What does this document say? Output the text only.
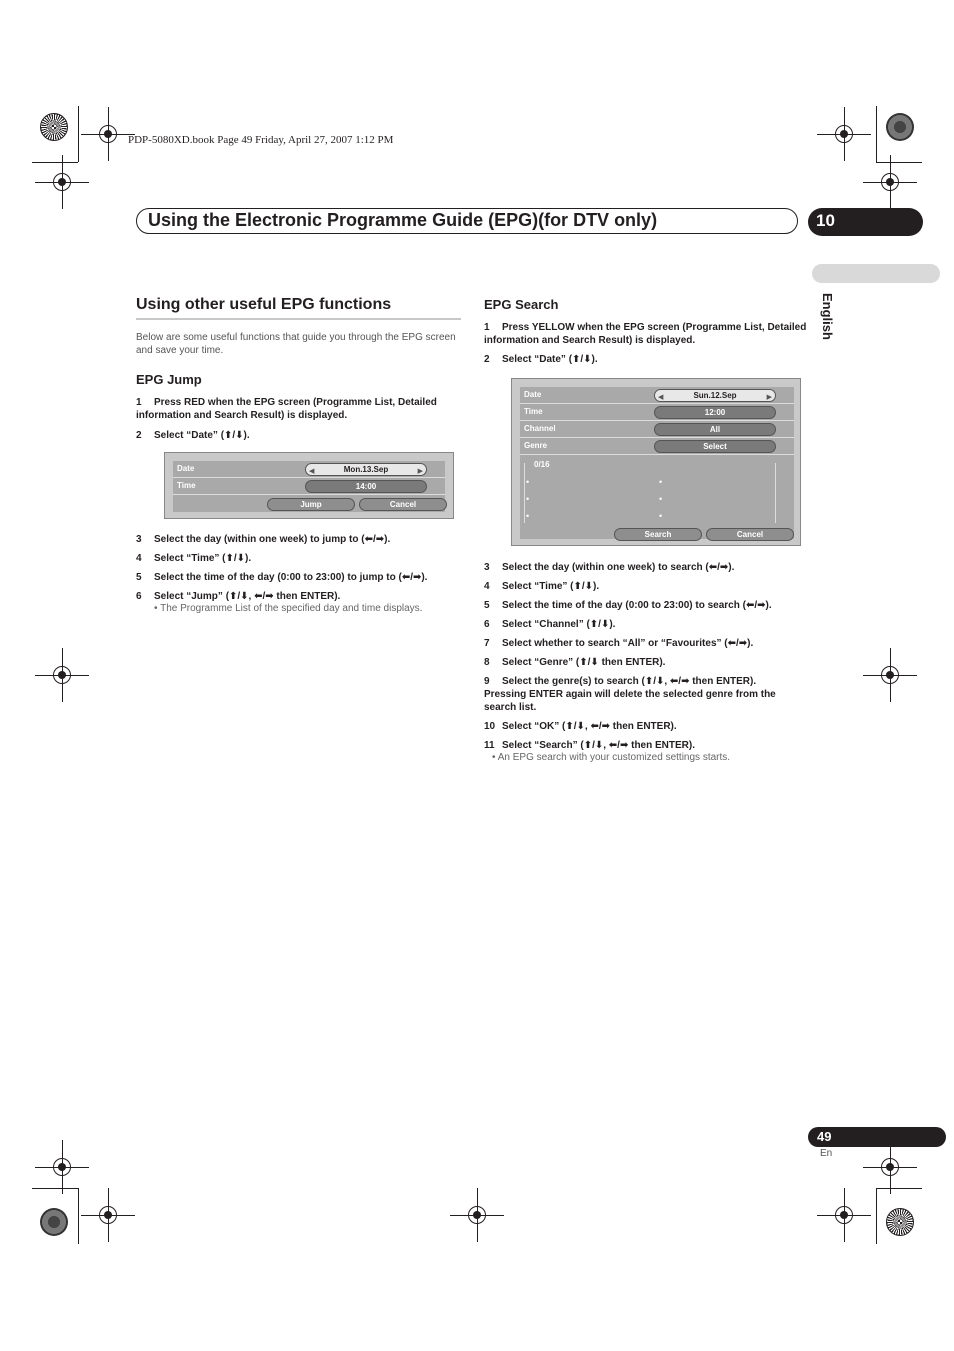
PDP-5080XD.book Page 49 Friday, April 27, 2007 1:12 PM
Using the Electronic Programme Guide (EPG)(for DTV only)	10
English
Using other useful EPG functions
Below are some useful functions that guide you through the EPG screen and save your time.
EPG Jump
1 Press RED when the EPG screen (Programme List, Detailed information and Search Result) is displayed.
2 Select “Date” (⬆/⬇).
Date	◀	Mon.13.Sep	▶
Time	14:00
Jump	Cancel
3 Select the day (within one week) to jump to (⬅/➡).
4 Select “Time” (⬆/⬇).
5 Select the time of the day (0:00 to 23:00) to jump to (⬅/➡).
6 Select “Jump” (⬆/⬇, ⬅/➡ then ENTER).
• The Programme List of the specified day and time displays.
EPG Search
1 Press YELLOW when the EPG screen (Programme List, Detailed information and Search Result) is displayed.
2 Select “Date” (⬆/⬇).
Date	◀	Sun.12.Sep	▶
Time	12:00
Channel	All
Genre	Select
0/16
•
•
•
•
•
•
Search	Cancel
3 Select the day (within one week) to search (⬅/➡).
4 Select “Time” (⬆/⬇).
5 Select the time of the day (0:00 to 23:00) to search (⬅/➡).
6 Select “Channel” (⬆/⬇).
7 Select whether to search “All” or “Favourites” (⬅/➡).
8 Select “Genre” (⬆/⬇ then ENTER).
9 Select the genre(s) to search (⬆/⬇, ⬅/➡ then ENTER).
Pressing ENTER again will delete the selected genre from the search list.
10 Select “OK” (⬆/⬇, ⬅/➡ then ENTER).
11 Select “Search” (⬆/⬇, ⬅/➡ then ENTER).
• An EPG search with your customized settings starts.
49
En
